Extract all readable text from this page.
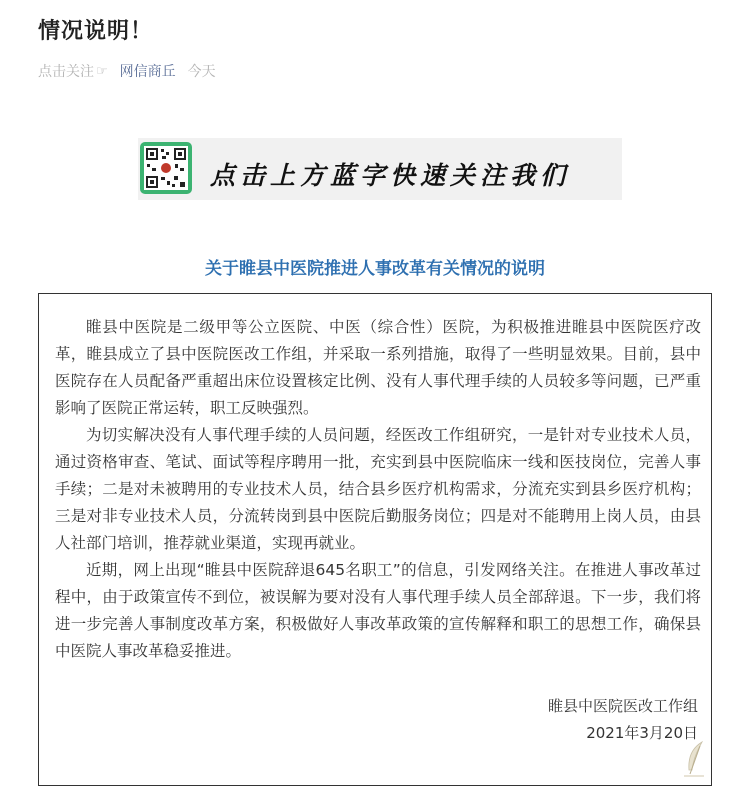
情况说明！
点击关注 ☞ 网信商丘 今天
点击上方蓝字快速关注我们
关于睢县中医院推进人事改革有关情况的说明

睢县中医院是二级甲等公立医院、中医（综合性）医院，为积极推进睢县中医院医疗改革，睢县成立了县中医院医改工作组，并采取一系列措施，取得了一些明显效果。目前，县中医院存在人员配备严重超出床位设置核定比例、没有人事代理手续的人员较多等问题，已严重影响了医院正常运转，职工反映强烈。

为切实解决没有人事代理手续的人员问题，经医改工作组研究，一是针对专业技术人员，通过资格审查、笔试、面试等程序聘用一批，充实到县中医院临床一线和医技岗位，完善人事手续；二是对未被聘用的专业技术人员，结合县乡医疗机构需求，分流充实到县乡医疗机构；三是对非专业技术人员，分流转岗到县中医院后勤服务岗位；四是对不能聘用上岗人员，由县人社部门培训，推荐就业渠道，实现再就业。

近期，网上出现“睢县中医院辞退645名职工”的信息，引发网络关注。在推进人事改革过程中，由于政策宣传不到位，被误解为要对没有人事代理手续人员全部辞退。下一步，我们将进一步完善人事制度改革方案，积极做好人事改革政策的宣传解释和职工的思想工作，确保县中医院人事改革稳妥推进。

睢县中医院医改工作组
2021年3月20日
